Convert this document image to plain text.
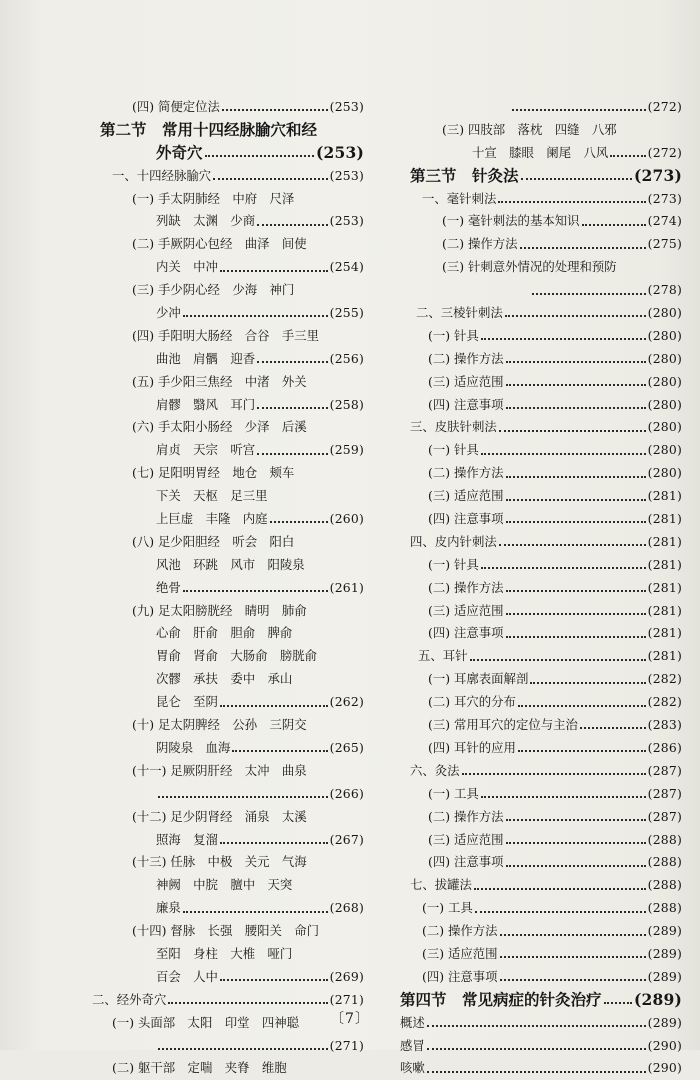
(四) 简便定位法	(253)
第二节　常用十四经脉腧穴和经
外奇穴	(253)
一、十四经脉腧穴	(253)
(一) 手太阴肺经　中府　尺泽
列缺　太渊　少商	(253)
(二) 手厥阴心包经　曲泽　间使
内关　中冲	(254)
(三) 手少阴心经　少海　神门
少冲	(255)
(四) 手阳明大肠经　合谷　手三里
曲池　肩髃　迎香	(256)
(五) 手少阳三焦经　中渚　外关
肩髎　翳风　耳门	(258)
(六) 手太阳小肠经　少泽　后溪
肩贞　天宗　听宫	(259)
(七) 足阳明胃经　地仓　颊车
下关　天枢　足三里
上巨虚　丰隆　内庭	(260)
(八) 足少阳胆经　听会　阳白
风池　环跳　风市　阳陵泉
绝骨	(261)
(九) 足太阳膀胱经　睛明　肺俞
心俞　肝俞　胆俞　脾俞
胃俞　肾俞　大肠俞　膀胱俞
次髎　承扶　委中　承山
昆仑　至阴	(262)
(十) 足太阴脾经　公孙　三阴交
阴陵泉　血海	(265)
(十一) 足厥阴肝经　太冲　曲泉
(266)
(十二) 足少阴肾经　涌泉　太溪
照海　复溜	(267)
(十三) 任脉　中极　关元　气海
神阙　中脘　膻中　天突
廉泉	(268)
(十四) 督脉　长强　腰阳关　命门
至阳　身柱　大椎　哑门
百会　人中	(269)
二、经外奇穴	(271)
(一) 头面部　太阳　印堂　四神聪
(271)
(二) 躯干部　定喘　夹脊　维胞
(272)
(三) 四肢部　落枕　四缝　八邪
十宣　膝眼　阑尾　八风	(272)
第三节　针灸法	(273)
一、毫针刺法	(273)
(一) 毫针刺法的基本知识	(274)
(二) 操作方法	(275)
(三) 针刺意外情况的处理和预防
(278)
二、三棱针刺法	(280)
(一) 针具	(280)
(二) 操作方法	(280)
(三) 适应范围	(280)
(四) 注意事项	(280)
三、皮肤针刺法	(280)
(一) 针具	(280)
(二) 操作方法	(280)
(三) 适应范围	(281)
(四) 注意事项	(281)
四、皮内针刺法	(281)
(一) 针具	(281)
(二) 操作方法	(281)
(三) 适应范围	(281)
(四) 注意事项	(281)
五、耳针	(281)
(一) 耳廓表面解剖	(282)
(二) 耳穴的分布	(282)
(三) 常用耳穴的定位与主治	(283)
(四) 耳针的应用	(286)
六、灸法	(287)
(一) 工具	(287)
(二) 操作方法	(287)
(三) 适应范围	(288)
(四) 注意事项	(288)
七、拔罐法	(288)
(一) 工具	(288)
(二) 操作方法	(289)
(三) 适应范围	(289)
(四) 注意事项	(289)
第四节　常见病症的针灸治疗 (289)
概述	(289)
感冒	(290)
咳嗽	(290)
〔7〕
